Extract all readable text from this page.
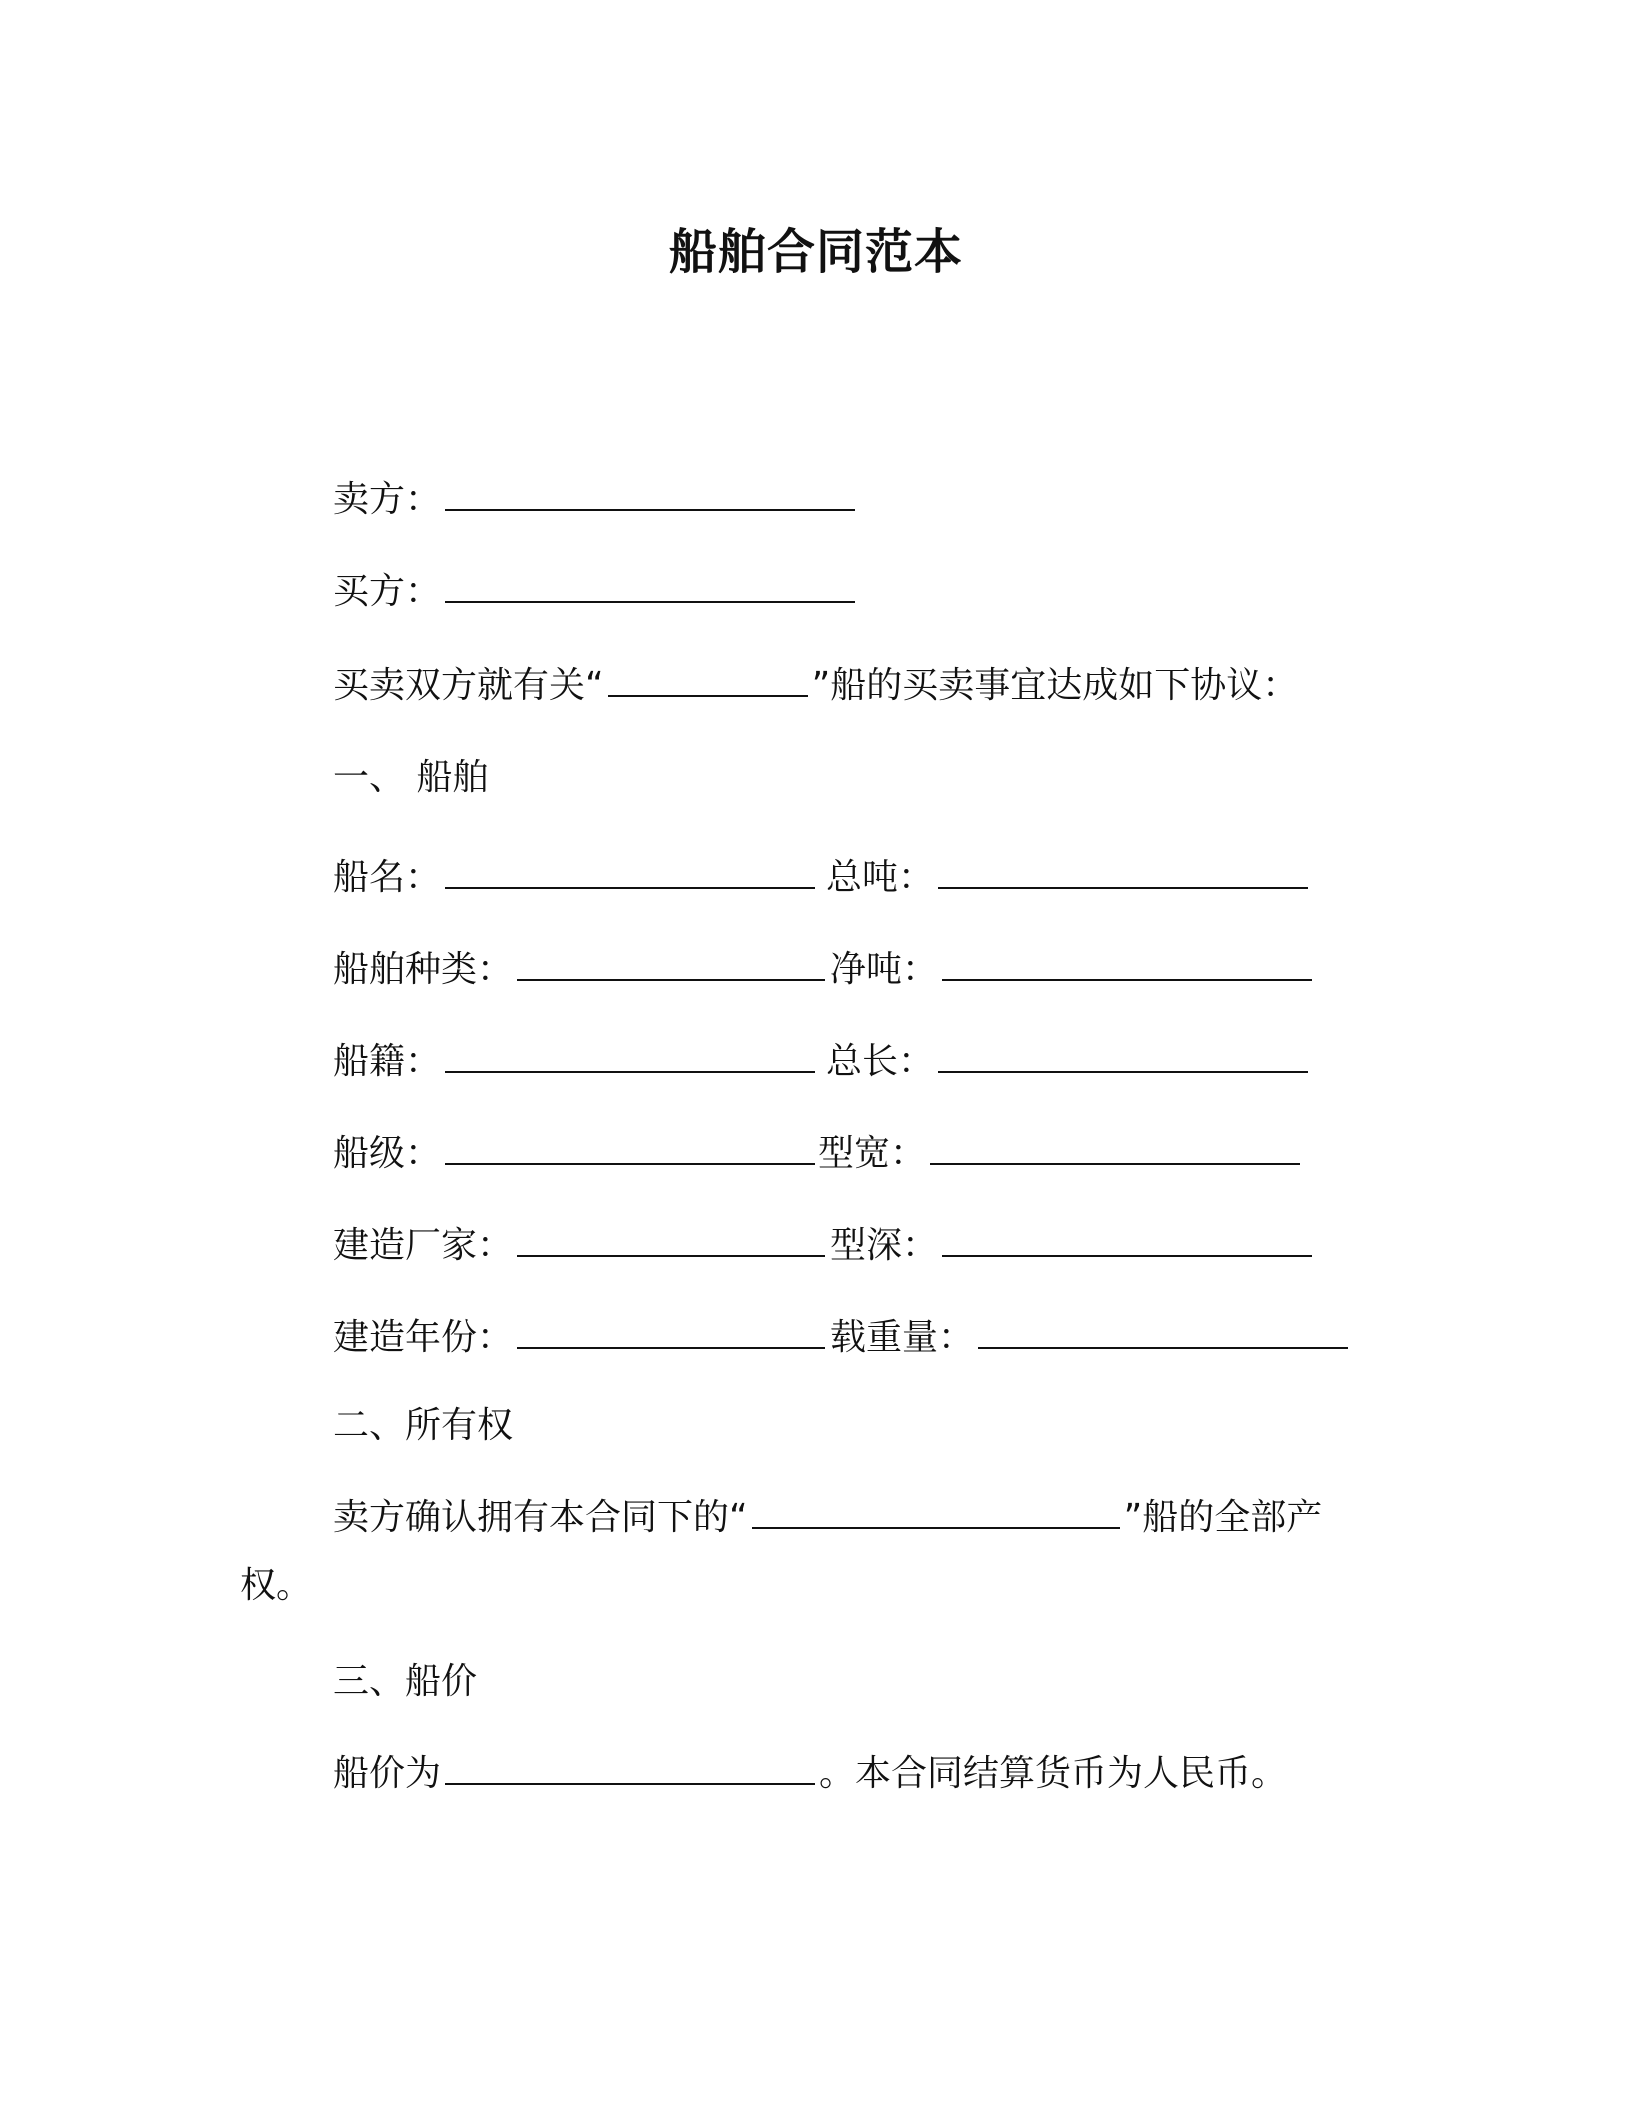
船舶合同范本
卖方：
买方：
买卖双方就有关“	”船的买卖事宜达成如下协议：
一、 船舶
船名：	总吨：
船舶种类：	净吨：
船籍：	总长：
船级：	型宽：
建造厂家：	型深：
建造年份：	载重量：
二、所有权
卖方确认拥有本合同下的“	”船的全部产
权。
三、船价
船价为	。本合同结算货币为人民币。
